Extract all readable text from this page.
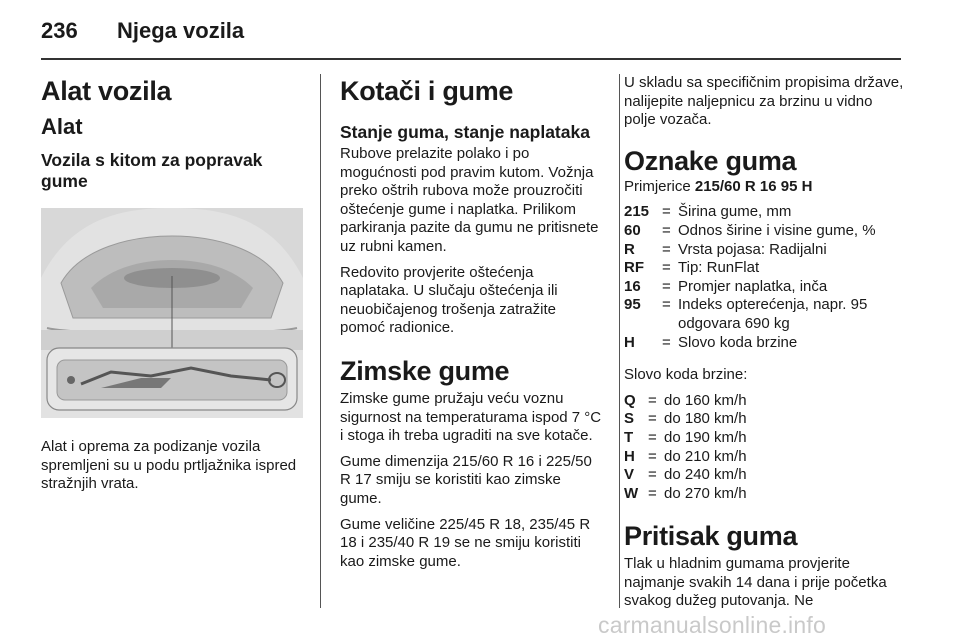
236 Njega vozila
Alat vozila
Alat
Vozila s kitom za popravak gume

Alat i oprema za podizanje vozila spremljeni su u podu prtljažnika ispred stražnjih vrata.

Kotači i gume
Stanje guma, stanje naplataka

Rubove prelazite polako i po mogućnosti pod pravim kutom. Vožnja preko oštrih rubova može prouzročiti oštećenje gume i naplatka. Prilikom parkiranja pazite da gumu ne pritisnete uz rubni kamen.

Redovito provjerite oštećenja naplataka. U slučaju oštećenja ili neuobičajenog trošenja zatražite pomoć radionice.

Zimske gume

Zimske gume pružaju veću voznu sigurnost na temperaturama ispod 7 °C i stoga ih treba ugraditi na sve kotače.

Gume dimenzija 215/60 R 16 i 225/50 R 17 smiju se koristiti kao zimske gume.

Gume veličine 225/45 R 18, 235/45 R 18 i 235/40 R 19 se ne smiju koristiti kao zimske gume.

U skladu sa specifičnim propisima države, nalijepite naljepnicu za brzinu u vidno polje vozača.

Oznake guma

Primjerice 215/60 R 16 95 H

215 = Širina gume, mm
60	= Odnos širine i visine gume, %
R	= Vrsta pojasa: Radijalni
RF	= Tip: RunFlat
16	= Promjer naplatka, inča
95	= Indeks opterećenja, napr. 95 odgovara 690 kg
H	= Slovo koda brzine

Slovo koda brzine:

Q = do 160 km/h
S = do 180 km/h
T = do 190 km/h
H = do 210 km/h
V = do 240 km/h
W = do 270 km/h
Pritisak guma

Tlak u hladnim gumama provjerite najmanje svakih 14 dana i prije početka svakog dužeg putovanja. Ne

carmanualsonline.info
